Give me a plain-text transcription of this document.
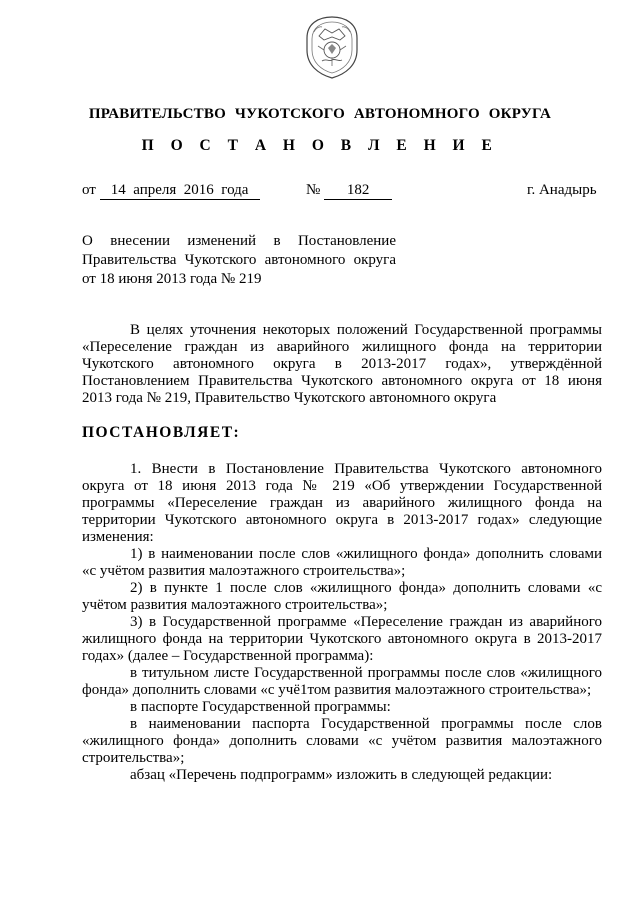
ПРАВИТЕЛЬСТВО ЧУКОТСКОГО АВТОНОМНОГО ОКРУГА

П О С Т А Н О В Л Е Н И Е

от 14  апреля  2016  года	№ 182	г. Анадырь
О внесении изменений в Постановление
Правительства Чукотского автономного округа
от 18 июня 2013 года № 219
В целях уточнения некоторых положений Государственной программы
«Переселение граждан из аварийного жилищного фонда на территории
Чукотского автономного округа в 2013-2017 годах», утверждённой
Постановлением Правительства Чукотского автономного округа от 18 июня
2013 года № 219, Правительство Чукотского автономного округа

ПОСТАНОВЛЯЕТ:

1. Внести в Постановление Правительства Чукотского автономного
округа от 18 июня 2013 года № 219 «Об утверждении Государственной
программы «Переселение граждан из аварийного жилищного фонда на
территории Чукотского автономного округа в 2013-2017 годах» следующие
изменения:
1) в наименовании после слов «жилищного фонда» дополнить словами
«с учётом развития малоэтажного строительства»;
2) в пункте 1 после слов «жилищного фонда» дополнить словами «с
учётом развития малоэтажного строительства»;
3) в Государственной программе «Переселение граждан из аварийного
жилищного фонда на территории Чукотского автономного округа в 2013-2017
годах» (далее – Государственной программа):
в титульном листе Государственной программы после слов «жилищного
фонда» дополнить словами «с учё1том развития малоэтажного строительства»;
в паспорте Государственной программы:
в наименовании паспорта Государственной программы после слов
«жилищного фонда» дополнить словами «с учётом развития малоэтажного
строительства»;
абзац «Перечень подпрограмм» изложить в следующей редакции:
